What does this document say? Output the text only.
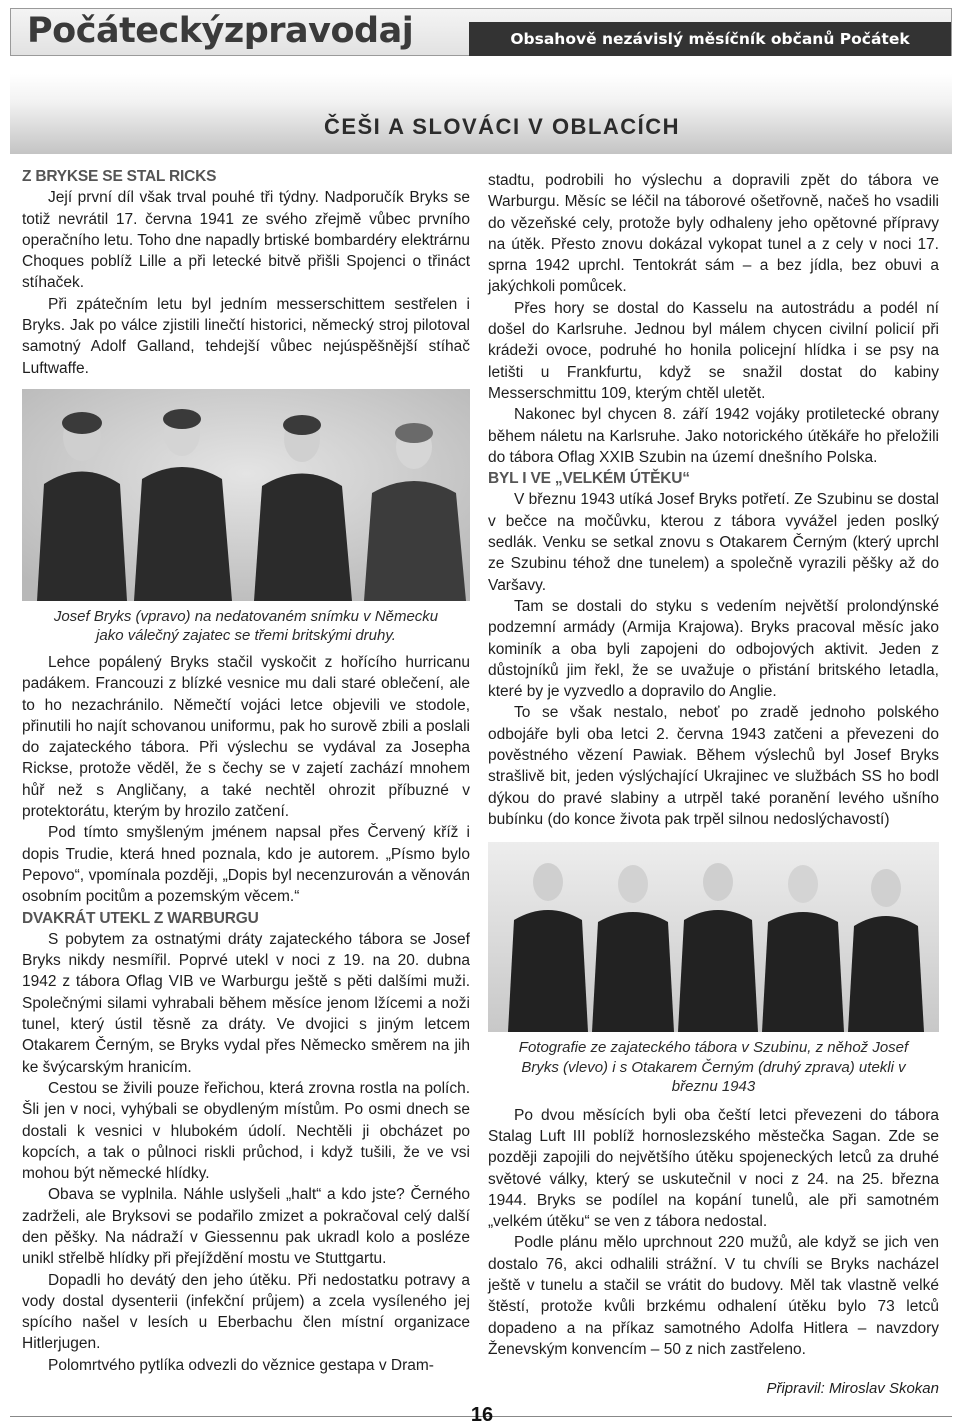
Počáteckýzpravodaj	Obsahově nezávislý měsíčník občanů Počátek
ČEŠI A SLOVÁCI V OBLACÍCH
Z BRYKSE SE STAL RICKS

Její první díl však trval pouhé tři týdny. Nadporučík Bryks se totiž nevrátil 17. června 1941 ze svého zřejmě vůbec prvního operačního letu. Toho dne napadly brtiské bombardéry elektrárnu Choques poblíž Lille a při letecké bitvě přišli Spojenci o třináct stíhaček.

Při zpátečním letu byl jedním messerschittem sestřelen i Bryks. Jak po válce zjistili linečtí historici, německý stroj pilotoval samotný Adolf Galland, tehdejší vůbec nejúspěšnější stíhač Luftwaffe.

Josef Bryks (vpravo) na nedatovaném snímku v Německu jako válečný zajatec se třemi britskými druhy.

Lehce popálený Bryks stačil vyskočit z hořícího hurricanu padákem. Francouzi z blízké vesnice mu dali staré oblečení, ale to ho nezachránilo. Němečtí vojáci letce objevili ve stodole, přinutili ho najít schovanou uniformu, pak ho surově zbili a poslali do zajateckého tábora. Při výslechu se vydával za Josepha Rickse, protože věděl, že s čechy se v zajetí zachází mnohem hůř než s Angličany, a také nechtěl ohrozit příbuzné v protektorátu, kterým by hrozilo zatčení.

Pod tímto smyšleným jménem napsal přes Červený kříž i dopis Trudie, která hned poznala, kdo je autorem. „Písmo bylo Pepovo“, vpomínala později, „Dopis byl necenzurován a věnován osobním pocitům a pozemským věcem.“

DVAKRÁT UTEKL Z WARBURGU

S pobytem za ostnatými dráty zajateckého tábora se Josef Bryks nikdy nesmířil. Poprvé utekl v noci z 19. na 20. dubna 1942 z tábora Oflag VIB ve Warburgu ještě s pěti dalšími muži. Společnými silami vyhrabali během měsíce jenom lžícemi a noži tunel, který ústil těsně za dráty. Ve dvojici s jiným letcem Otakarem Černým, se Bryks vydal přes Německo směrem na jih ke švýcarským hranicím.

Cestou se živili pouze řeřichou, která zrovna rostla na polích. Šli jen v noci, vyhýbali se obydleným místům. Po osmi dnech se dostali k vesnici v hlubokém údolí. Nechtěli ji obcházet po kopcích, a tak o půlnoci riskli průchod, i když tušili, že ve vsi mohou být německé hlídky.

Obava se vyplnila. Náhle uslyšeli „halt“ a kdo jste? Černého zadrželi, ale Bryksovi se podařilo zmizet a pokračoval celý další den pěšky. Na nádraží v Giessennu pak ukradl kolo a posléze unikl střelbě hlídky při přejíždění mostu ve Stuttgartu.

Dopadli ho devátý den jeho útěku. Při nedostatku potravy a vody dostal dysenterii (infekční průjem) a zcela vysíleného jej spícího našel v lesích u Eberbachu člen místní organizace Hitlerjugen.

Polomrtvého pytlíka odvezli do věznice gestapa v Dram-

stadtu, podrobili ho výslechu a dopravili zpět do tábora ve Warburgu. Měsíc se léčil na táborové ošetřovně, načeš ho vsadili do vězeňské cely, protože byly odhaleny jeho opětovné přípravy na útěk. Přesto znovu dokázal vykopat tunel a z cely v noci 17. sprna 1942 uprchl. Tentokrát sám – a bez jídla, bez obuvi a jakýchkoli pomůcek.

Přes hory se dostal do Kasselu na autostrádu a podél ní došel do Karlsruhe. Jednou byl málem chycen civilní policií při krádeži ovoce, podruhé ho honila policejní hlídka i se psy na letišti u Frankfurtu, když se snažil dostat do kabiny Messerschmittu 109, kterým chtěl uletět.

Nakonec byl chycen 8. září 1942 vojáky protiletecké obrany během náletu na Karlsruhe. Jako notorického útěkáře ho přeložili do tábora Oflag XXIB Szubin na území dnešního Polska.

BYL I VE „VELKÉM ÚTĚKU“

V březnu 1943 utíká Josef Bryks potřetí. Ze Szubinu se dostal v bečce na močůvku, kterou z tábora vyvážel jeden poslký sedlák. Venku se setkal znovu s Otakarem Černým (který uprchl ze Szubinu téhož dne tunelem) a společně vyrazili pěšky až do Varšavy.

Tam se dostali do styku s vedením největší prolondýnské podzemní armády (Armija Krajowa). Bryks pracoval měsíc jako kominík a oba byli zapojeni do odbojových aktivit. Jeden z důstojníků jim řekl, že se uvažuje o přistání britského letadla, které by je vyzvedlo a dopravilo do Anglie.

To se však nestalo, neboť po zradě jednoho polského odbojáře byli oba letci 2. června 1943 zatčeni a převezeni do pověstného vězení Pawiak. Během výslechů byl Josef Bryks strašlivě bit, jeden výslýchající Ukrajinec ve službách SS ho bodl dýkou do pravé slabiny a utrpěl také poranění levého ušního bubínku (do konce života pak trpěl silnou nedoslýchavostí)

Fotografie ze zajateckého tábora v Szubinu, z něhož Josef Bryks (vlevo) i s Otakarem Černým (druhý zprava) utekli v březnu 1943

Po dvou měsících byli oba čeští letci převezeni do tábora Stalag Luft III poblíž hornoslezského městečka Sagan. Zde se později zapojili do největšího útěku spojeneckých letců za druhé světové války, který se uskutečnil v noci z 24. na 25. března 1944. Bryks se podílel na kopání tunelů, ale při samotném „velkém útěku“ se ven z tábora nedostal.

Podle plánu mělo uprchnout 220 mužů, ale když se jich ven dostalo 76, akci odhalili strážní. V tu chvíli se Bryks nacházel ještě v tunelu a stačil se vrátit do budovy. Měl tak vlastně velké štěstí, protože kvůli brzkému odhalení útěku bylo 73 letců dopadeno a na příkaz samotného Adolfa Hitlera – navzdory Ženevským konvencím – 50 z nich zastřeleno.

Připravil: Miroslav Skokan
16
